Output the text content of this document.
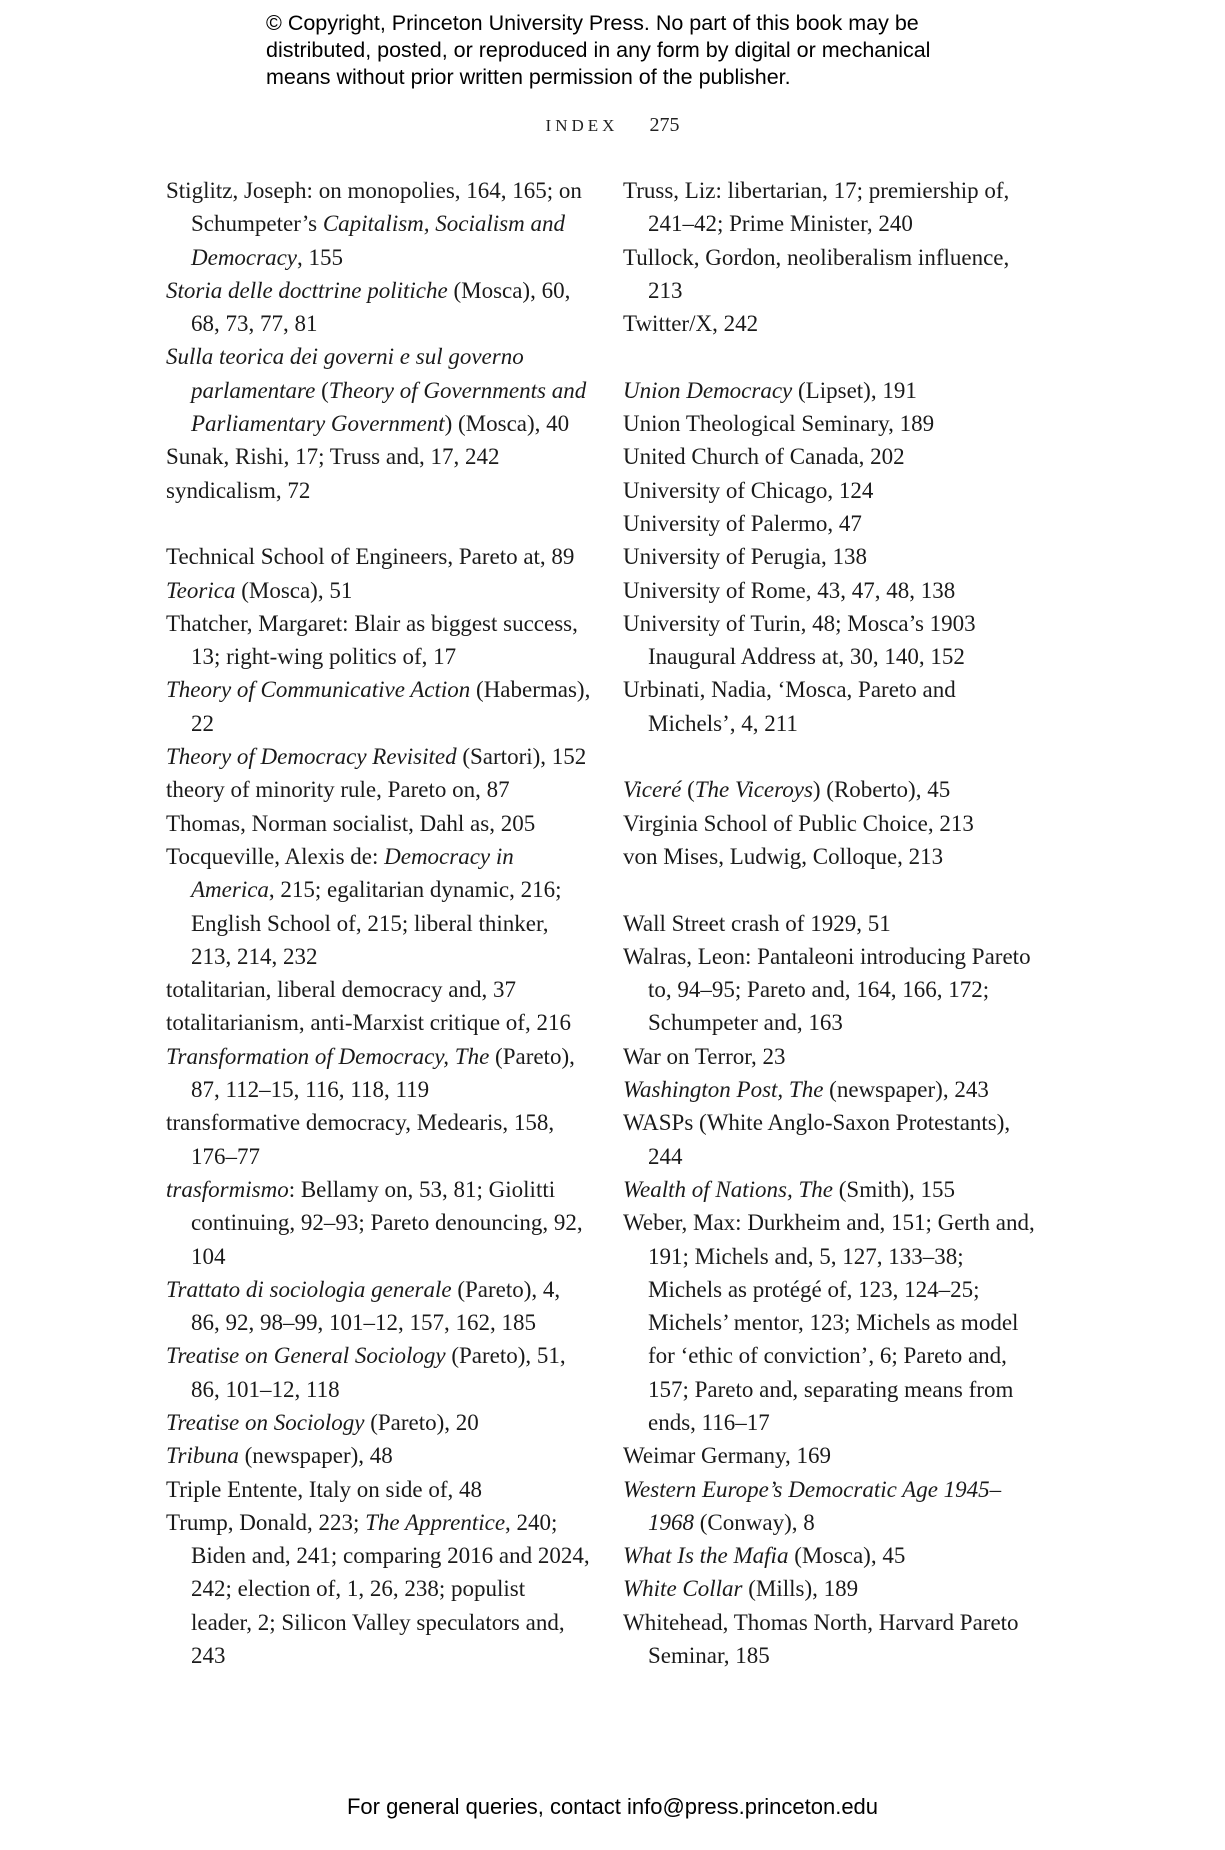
© Copyright, Princeton University Press. No part of this book may be
distributed, posted, or reproduced in any form by digital or mechanical
means without prior written permission of the publisher.
INDEX 275

Stiglitz, Joseph: on monopolies, 164, 165; on Schumpeter’s Capitalism, Socialism and Democracy, 155

Storia delle docttrine politiche (Mosca), 60, 68, 73, 77, 81

Sulla teorica dei governi e sul governo parlamentare (Theory of Governments and Parliamentary Government) (Mosca), 40

Sunak, Rishi, 17; Truss and, 17, 242

syndicalism, 72

Technical School of Engineers, Pareto at, 89

Teorica (Mosca), 51

Thatcher, Margaret: Blair as biggest success, 13; right-wing politics of, 17

Theory of Communicative Action (Habermas), 22

Theory of Democracy Revisited (Sartori), 152

theory of minority rule, Pareto on, 87

Thomas, Norman socialist, Dahl as, 205

Tocqueville, Alexis de: Democracy in America, 215; egalitarian dynamic, 216; English School of, 215; liberal thinker, 213, 214, 232

totalitarian, liberal democracy and, 37

totalitarianism, anti-Marxist critique of, 216

Transformation of Democracy, The (Pareto), 87, 112–15, 116, 118, 119

transformative democracy, Medearis, 158, 176–77

trasformismo: Bellamy on, 53, 81; Giolitti continuing, 92–93; Pareto denouncing, 92, 104

Trattato di sociologia generale (Pareto), 4, 86, 92, 98–99, 101–12, 157, 162, 185

Treatise on General Sociology (Pareto), 51, 86, 101–12, 118

Treatise on Sociology (Pareto), 20

Tribuna (newspaper), 48

Triple Entente, Italy on side of, 48

Trump, Donald, 223; The Apprentice, 240; Biden and, 241; comparing 2016 and 2024, 242; election of, 1, 26, 238; populist leader, 2; Silicon Valley speculators and, 243

Truss, Liz: libertarian, 17; premiership of, 241–42; Prime Minister, 240

Tullock, Gordon, neoliberalism influence, 213

Twitter/X, 242

Union Democracy (Lipset), 191

Union Theological Seminary, 189

United Church of Canada, 202

University of Chicago, 124

University of Palermo, 47

University of Perugia, 138

University of Rome, 43, 47, 48, 138

University of Turin, 48; Mosca’s 1903 Inaugural Address at, 30, 140, 152

Urbinati, Nadia, ‘Mosca, Pareto and Michels’, 4, 211

Viceré (The Viceroys) (Roberto), 45

Virginia School of Public Choice, 213

von Mises, Ludwig, Colloque, 213

Wall Street crash of 1929, 51

Walras, Leon: Pantaleoni introducing Pareto to, 94–95; Pareto and, 164, 166, 172; Schumpeter and, 163

War on Terror, 23

Washington Post, The (newspaper), 243

WASPs (White Anglo-Saxon Protestants), 244

Wealth of Nations, The (Smith), 155

Weber, Max: Durkheim and, 151; Gerth and, 191; Michels and, 5, 127, 133–38; Michels as protégé of, 123, 124–25; Michels’ mentor, 123; Michels as model for ‘ethic of conviction’, 6; Pareto and, 157; Pareto and, separating means from ends, 116–17

Weimar Germany, 169

Western Europe’s Democratic Age 1945–1968 (Conway), 8

What Is the Mafia (Mosca), 45

White Collar (Mills), 189

Whitehead, Thomas North, Harvard Pareto Seminar, 185

For general queries, contact info@press.princeton.edu
